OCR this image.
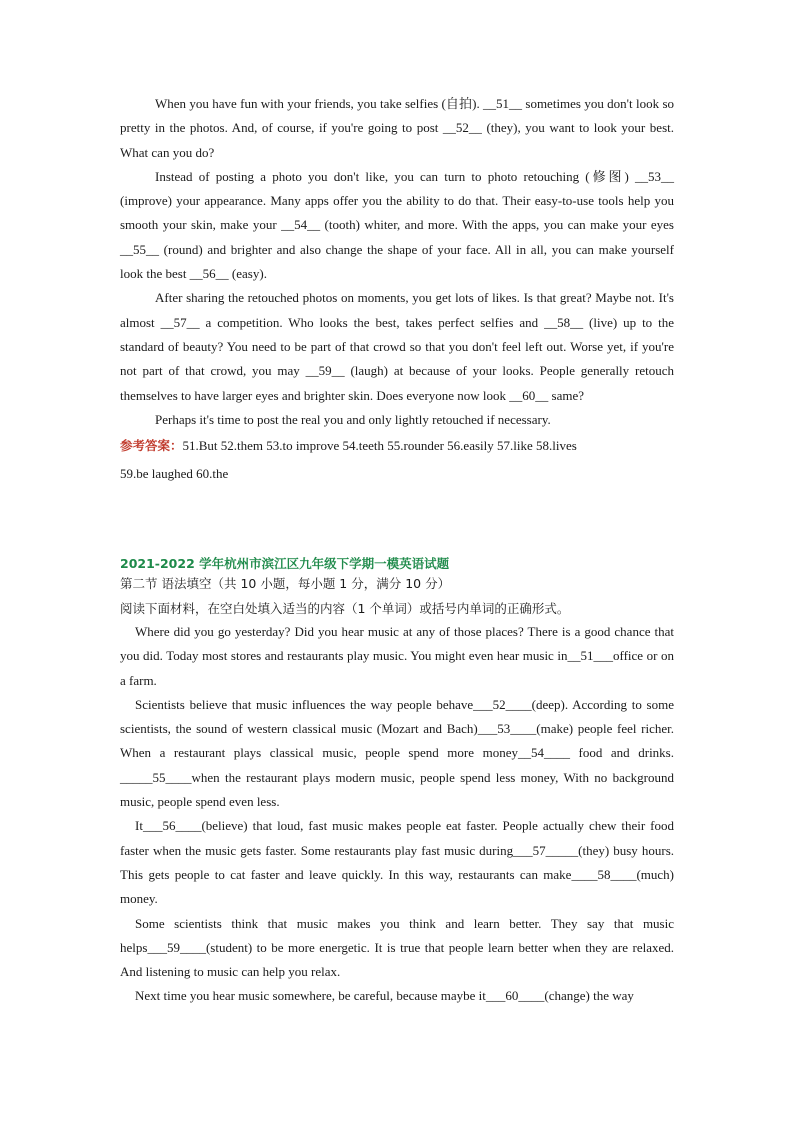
When you have fun with your friends, you take selfies (自拍). __51__ sometimes you don't look so pretty in the photos. And, of course, if you're going to post __52__ (they), you want to look your best. What can you do?

Instead of posting a photo you don't like, you can turn to photo retouching (修图) __53__ (improve) your appearance. Many apps offer you the ability to do that. Their easy-to-use tools help you smooth your skin, make your __54__ (tooth) whiter, and more. With the apps, you can make your eyes __55__ (round) and brighter and also change the shape of your face. All in all, you can make yourself look the best __56__ (easy).

After sharing the retouched photos on moments, you get lots of likes. Is that great? Maybe not. It's almost __57__ a competition. Who looks the best, takes perfect selfies and __58__ (live) up to the standard of beauty? You need to be part of that crowd so that you don't feel left out. Worse yet, if you're not part of that crowd, you may __59__ (laugh) at because of your looks. People generally retouch themselves to have larger eyes and brighter skin. Does everyone now look __60__ same?

Perhaps it's time to post the real you and only lightly retouched if necessary.

参考答案：51.But 52.them 53.to improve 54.teeth 55.rounder 56.easily 57.like 58.lives
59.be laughed 60.the

2021-2022 学年杭州市滨江区九年级下学期一模英语试题

第二节 语法填空（共 10 小题，每小题 1 分，满分 10 分）

阅读下面材料，在空白处填入适当的内容（1 个单词）或括号内单词的正确形式。

Where did you go yesterday? Did you hear music at any of those places? There is a good chance that you did. Today most stores and restaurants play music. You might even hear music in__51___office or on a farm.

Scientists believe that music influences the way people behave___52____(deep). According to some scientists, the sound of western classical music (Mozart and Bach)___53____(make) people feel richer. When a restaurant plays classical music, people spend more money__54____ food and drinks. _____55____when the restaurant plays modern music, people spend less money, With no background music, people spend even less.

It___56____(believe) that loud, fast music makes people eat faster. People actually chew their food faster when the music gets faster. Some restaurants play fast music during___57_____(they) busy hours. This gets people to cat faster and leave quickly. In this way, restaurants can make____58____(much) money.

Some scientists think that music makes you think and learn better. They say that music helps___59____(student) to be more energetic. It is true that people learn better when they are relaxed. And listening to music can help you relax.

Next time you hear music somewhere, be careful, because maybe it___60____(change) the way
